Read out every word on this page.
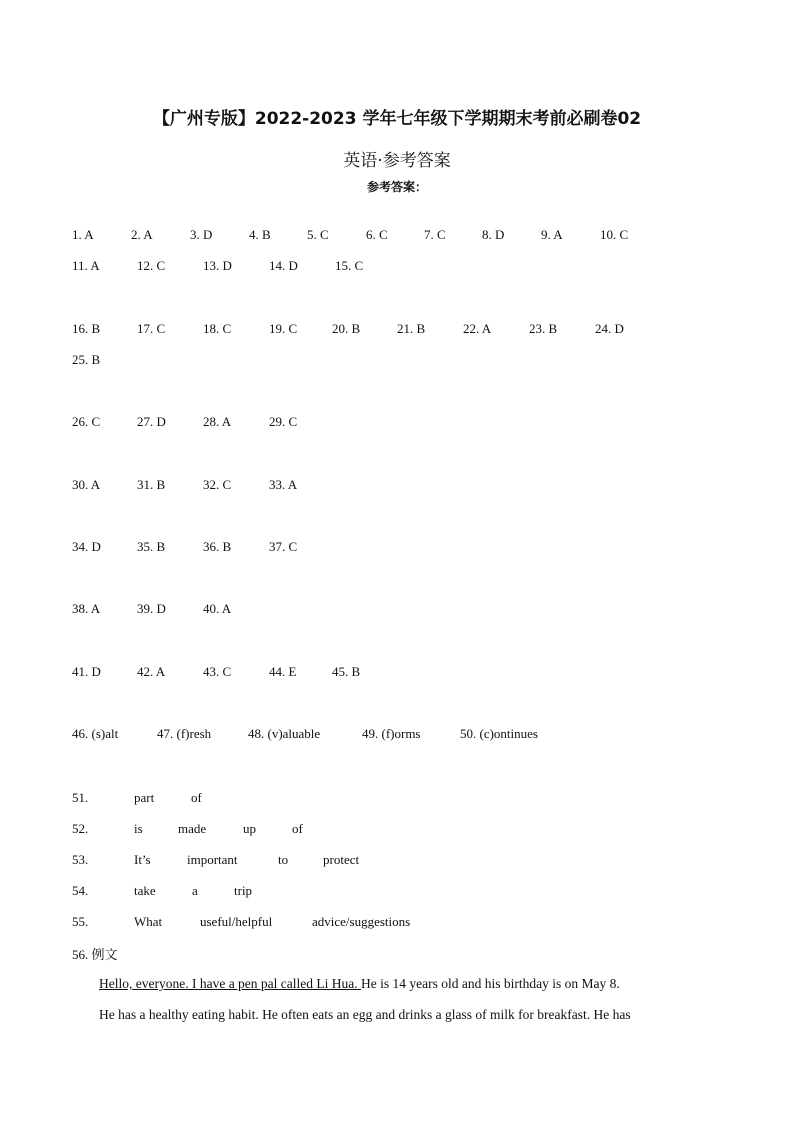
【广州专版】2022-2023 学年七年级下学期期末考前必刷卷02
英语·参考答案
参考答案：
1. A	2. A	3. D	4. B	5. C	6. C	7. C	8. D	9. A	10. C
11. A	12. C	13. D	14. D	15. C
16. B	17. C	18. C	19. C	20. B	21. B	22. A	23. B	24. D
25. B
26. C	27. D	28. A	29. C
30. A	31. B	32. C	33. A
34. D	35. B	36. B	37. C
38. A	39. D	40. A
41. D	42. A	43. C	44. E	45. B
46. (s)alt	47. (f)resh	48. (v)aluable	49. (f)orms	50. (c)ontinues
51.	part	of
52.	is	made	up	of
53.	It’s	important	to	protect
54.	take	a	trip
55.	What	useful/helpful	advice/suggestions
56. 例文
Hello, everyone. I have a pen pal called Li Hua. He is 14 years old and his birthday is on May 8.
He has a healthy eating habit. He often eats an egg and drinks a glass of milk for breakfast. He has
